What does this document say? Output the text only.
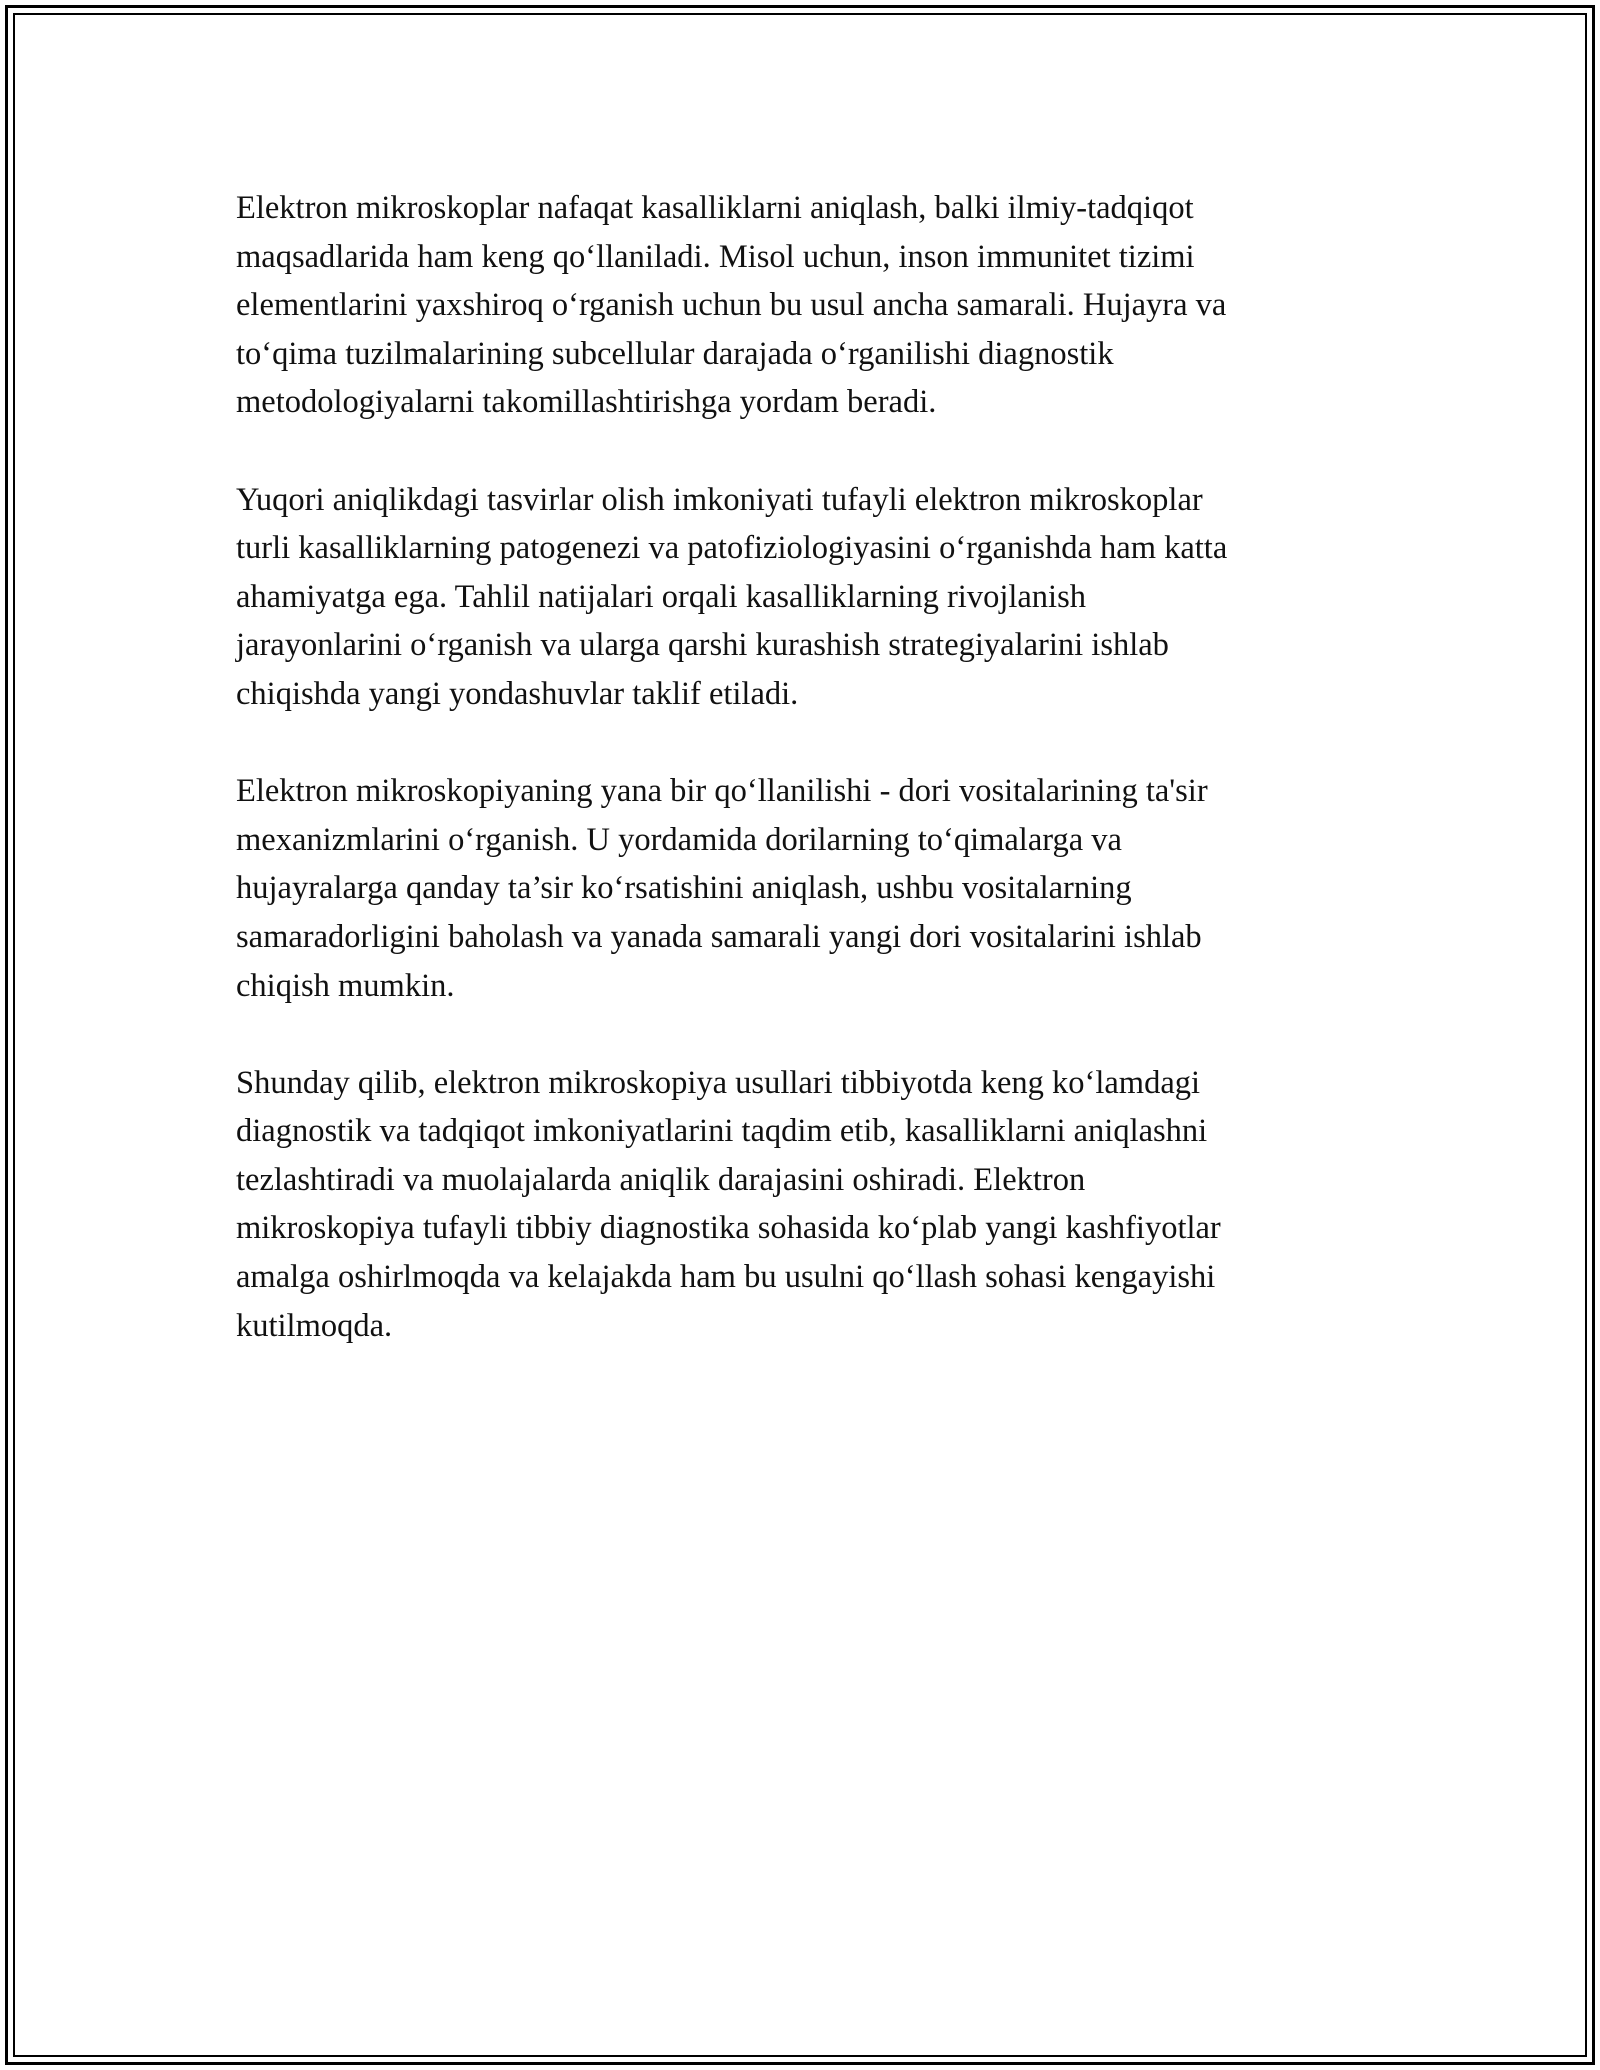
Elektron mikroskoplar nafaqat kasalliklarni aniqlash, balki ilmiy-tadqiqot
maqsadlarida ham keng qo‘llaniladi. Misol uchun, inson immunitet tizimi
elementlarini yaxshiroq o‘rganish uchun bu usul ancha samarali. Hujayra va
to‘qima tuzilmalarining subcellular darajada o‘rganilishi diagnostik
metodologiyalarni takomillashtirishga yordam beradi.

Yuqori aniqlikdagi tasvirlar olish imkoniyati tufayli elektron mikroskoplar
turli kasalliklarning patogenezi va patofiziologiyasini o‘rganishda ham katta
ahamiyatga ega. Tahlil natijalari orqali kasalliklarning rivojlanish
jarayonlarini o‘rganish va ularga qarshi kurashish strategiyalarini ishlab
chiqishda yangi yondashuvlar taklif etiladi.

Elektron mikroskopiyaning yana bir qo‘llanilishi - dori vositalarining ta'sir
mexanizmlarini o‘rganish. U yordamida dorilarning to‘qimalarga va
hujayralarga qanday ta’sir ko‘rsatishini aniqlash, ushbu vositalarning
samaradorligini baholash va yanada samarali yangi dori vositalarini ishlab
chiqish mumkin.

Shunday qilib, elektron mikroskopiya usullari tibbiyotda keng ko‘lamdagi
diagnostik va tadqiqot imkoniyatlarini taqdim etib, kasalliklarni aniqlashni
tezlashtiradi va muolajalarda aniqlik darajasini oshiradi. Elektron
mikroskopiya tufayli tibbiy diagnostika sohasida ko‘plab yangi kashfiyotlar
amalga oshirlmoqda va kelajakda ham bu usulni qo‘llash sohasi kengayishi
kutilmoqda.
